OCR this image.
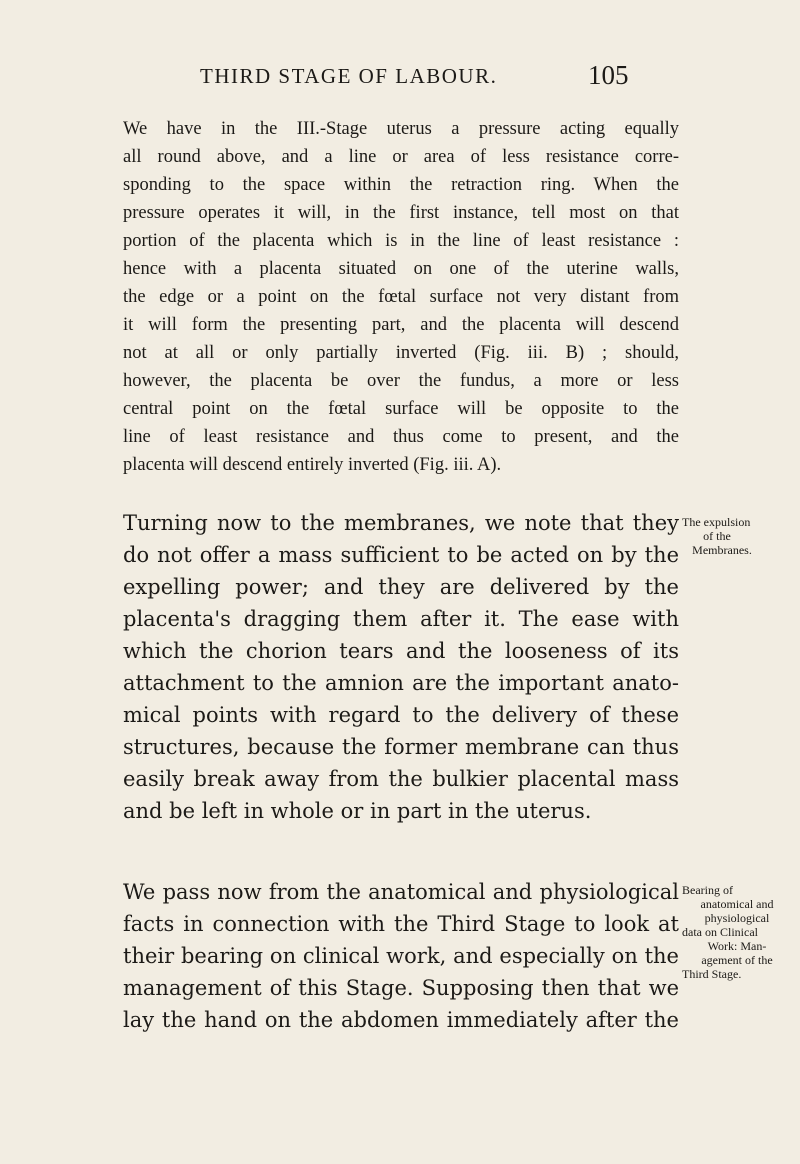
THIRD STAGE OF LABOUR.	105
We have in the III.-Stage uterus a pressure acting equally
all round above, and a line or area of less resistance corre-
sponding to the space within the retraction ring. When the
pressure operates it will, in the first instance, tell most on that
portion of the placenta which is in the line of least resistance :
hence with a placenta situated on one of the uterine walls,
the edge or a point on the fœtal surface not very distant from
it will form the presenting part, and the placenta will descend
not at all or only partially inverted (Fig. iii. B) ; should,
however, the placenta be over the fundus, a more or less
central point on the fœtal surface will be opposite to the
line of least resistance and thus come to present, and the
placenta will descend entirely inverted (Fig. iii. A).
Turning now to the membranes, we note that they
do not offer a mass sufficient to be acted on by the
expelling power; and they are delivered by the
placenta's dragging them after it. The ease with
which the chorion tears and the looseness of its
attachment to the amnion are the important anato-
mical points with regard to the delivery of these
structures, because the former membrane can thus
easily break away from the bulkier placental mass
and be left in whole or in part in the uterus.
We pass now from the anatomical and physiological
facts in connection with the Third Stage to look at
their bearing on clinical work, and especially on the
management of this Stage. Supposing then that we
lay the hand on the abdomen immediately after the
The expulsion
of the
Membranes.
Bearing of
anatomical and
physiological
data on Clinical
Work: Man-
agement of the
Third Stage.
